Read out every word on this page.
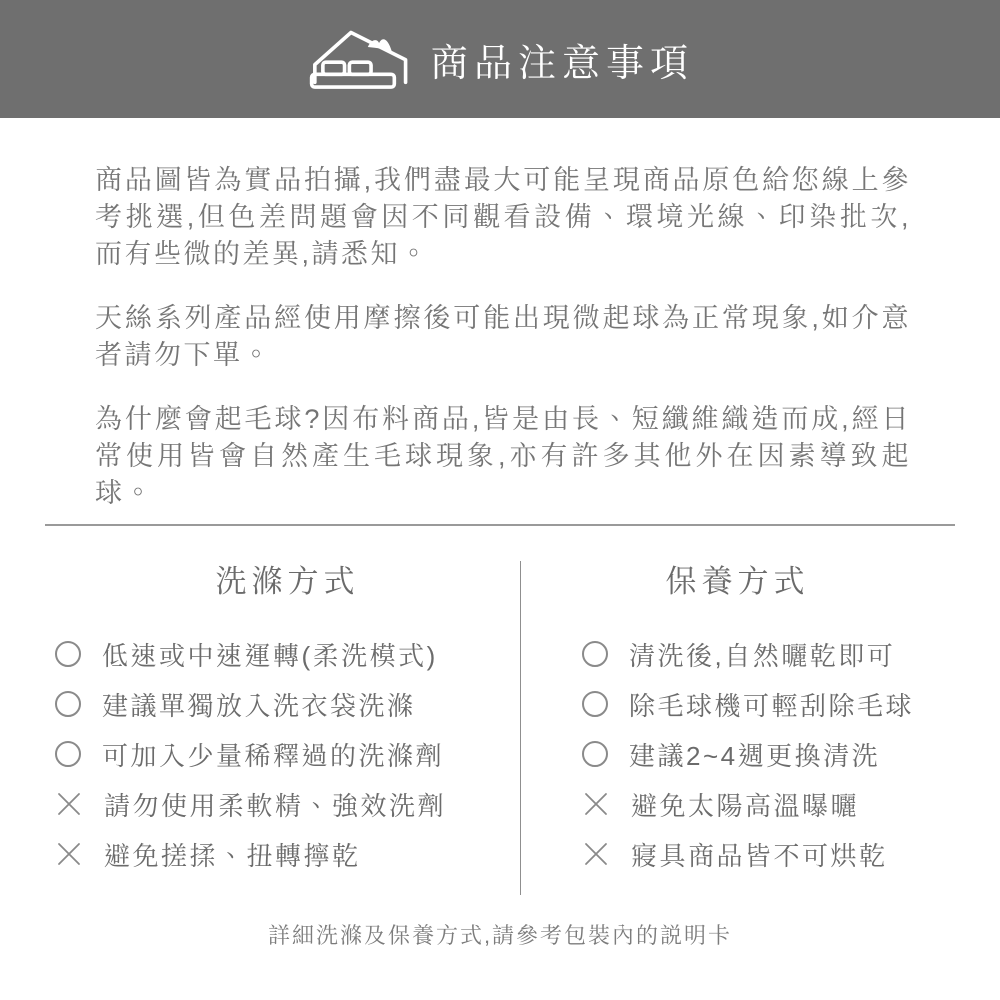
商品注意事項

商品圖皆為實品拍攝,我們盡最大可能呈現商品原色給您線上參考挑選,但色差問題會因不同觀看設備、環境光線、印染批次,而有些微的差異,請悉知。

天絲系列產品經使用摩擦後可能出現微起球為正常現象,如介意者請勿下單。

為什麼會起毛球?因布料商品,皆是由長、短纖維織造而成,經日常使用皆會自然產生毛球現象,亦有許多其他外在因素導致起球。

洗滌方式
低速或中速運轉(柔洗模式)
建議單獨放入洗衣袋洗滌
可加入少量稀釋過的洗滌劑
請勿使用柔軟精、強效洗劑
避免搓揉、扭轉擰乾
保養方式
清洗後,自然曬乾即可
除毛球機可輕刮除毛球
建議2~4週更換清洗
避免太陽高溫曝曬
寢具商品皆不可烘乾
詳細洗滌及保養方式,請參考包裝內的説明卡
